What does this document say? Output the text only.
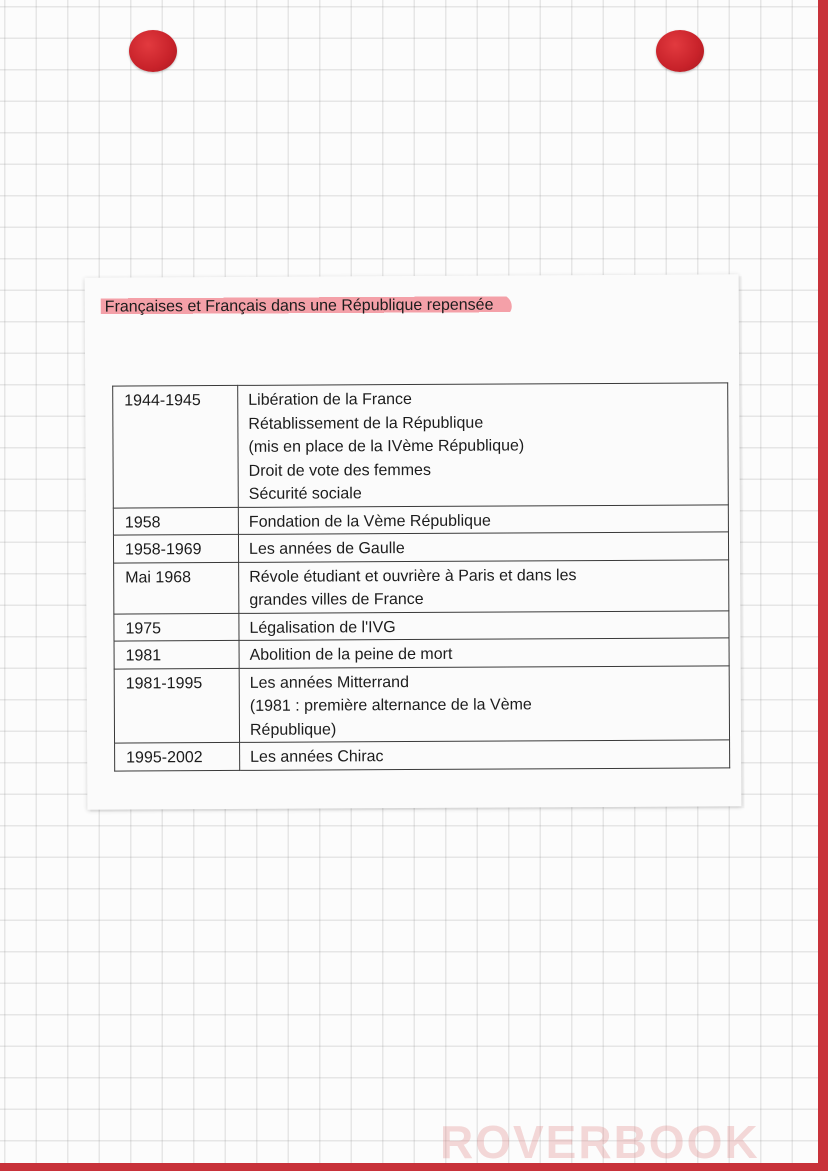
ROVERBOOK
Françaises et Français dans une République repensée
1944-1945	Libération de la France
Rétablissement de la République
(mis en place de la IVème République)
Droit de vote des femmes
Sécurité sociale

1958	Fondation de la Vème République

1958-1969	Les années de Gaulle

Mai 1968	Révole étudiant et ouvrière à Paris et dans les
grandes villes de France

1975	Légalisation de l'IVG

1981	Abolition de la peine de mort

1981-1995	Les années Mitterrand
(1981 : première alternance de la Vème
République)

1995-2002	Les années Chirac
